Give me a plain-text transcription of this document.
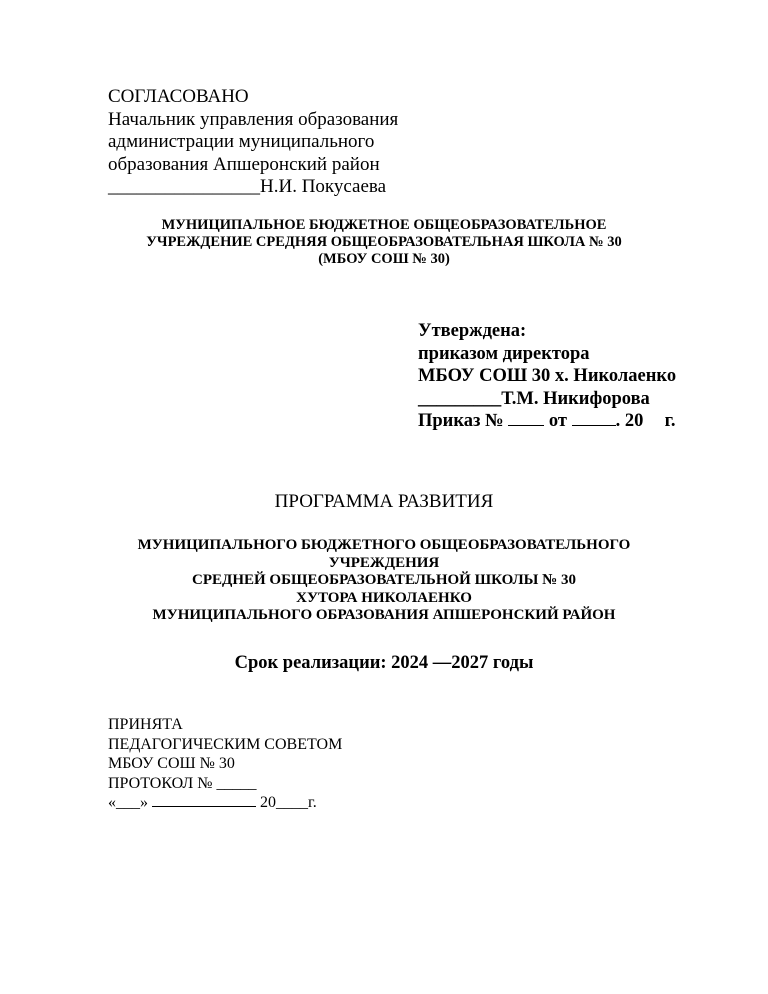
СОГЛАСОВАНО
Начальник управления образования
администрации муниципального
образования Апшеронский район
________________Н.И. Покусаева
МУНИЦИПАЛЬНОЕ БЮДЖЕТНОЕ ОБЩЕОБРАЗОВАТЕЛЬНОЕ
УЧРЕЖДЕНИЕ СРЕДНЯЯ ОБЩЕОБРАЗОВАТЕЛЬНАЯ ШКОЛА № 30
(МБОУ СОШ № 30)
Утверждена:
приказом директора
МБОУ СОШ 30 х. Николаенко
_________Т.М. Никифорова
Приказ № от	. 20 г.
ПРОГРАММА РАЗВИТИЯ
МУНИЦИПАЛЬНОГО БЮДЖЕТНОГО ОБЩЕОБРАЗОВАТЕЛЬНОГО
УЧРЕЖДЕНИЯ
СРЕДНЕЙ ОБЩЕОБРАЗОВАТЕЛЬНОЙ ШКОЛЫ № 30
ХУТОРА НИКОЛАЕНКО
МУНИЦИПАЛЬНОГО ОБРАЗОВАНИЯ АПШЕРОНСКИЙ РАЙОН
Срок реализации: 2024 —2027 годы
ПРИНЯТА
ПЕДАГОГИЧЕСКИМ СОВЕТОМ
МБОУ СОШ № 30
ПРОТОКОЛ № _____
«___»	20____г.
